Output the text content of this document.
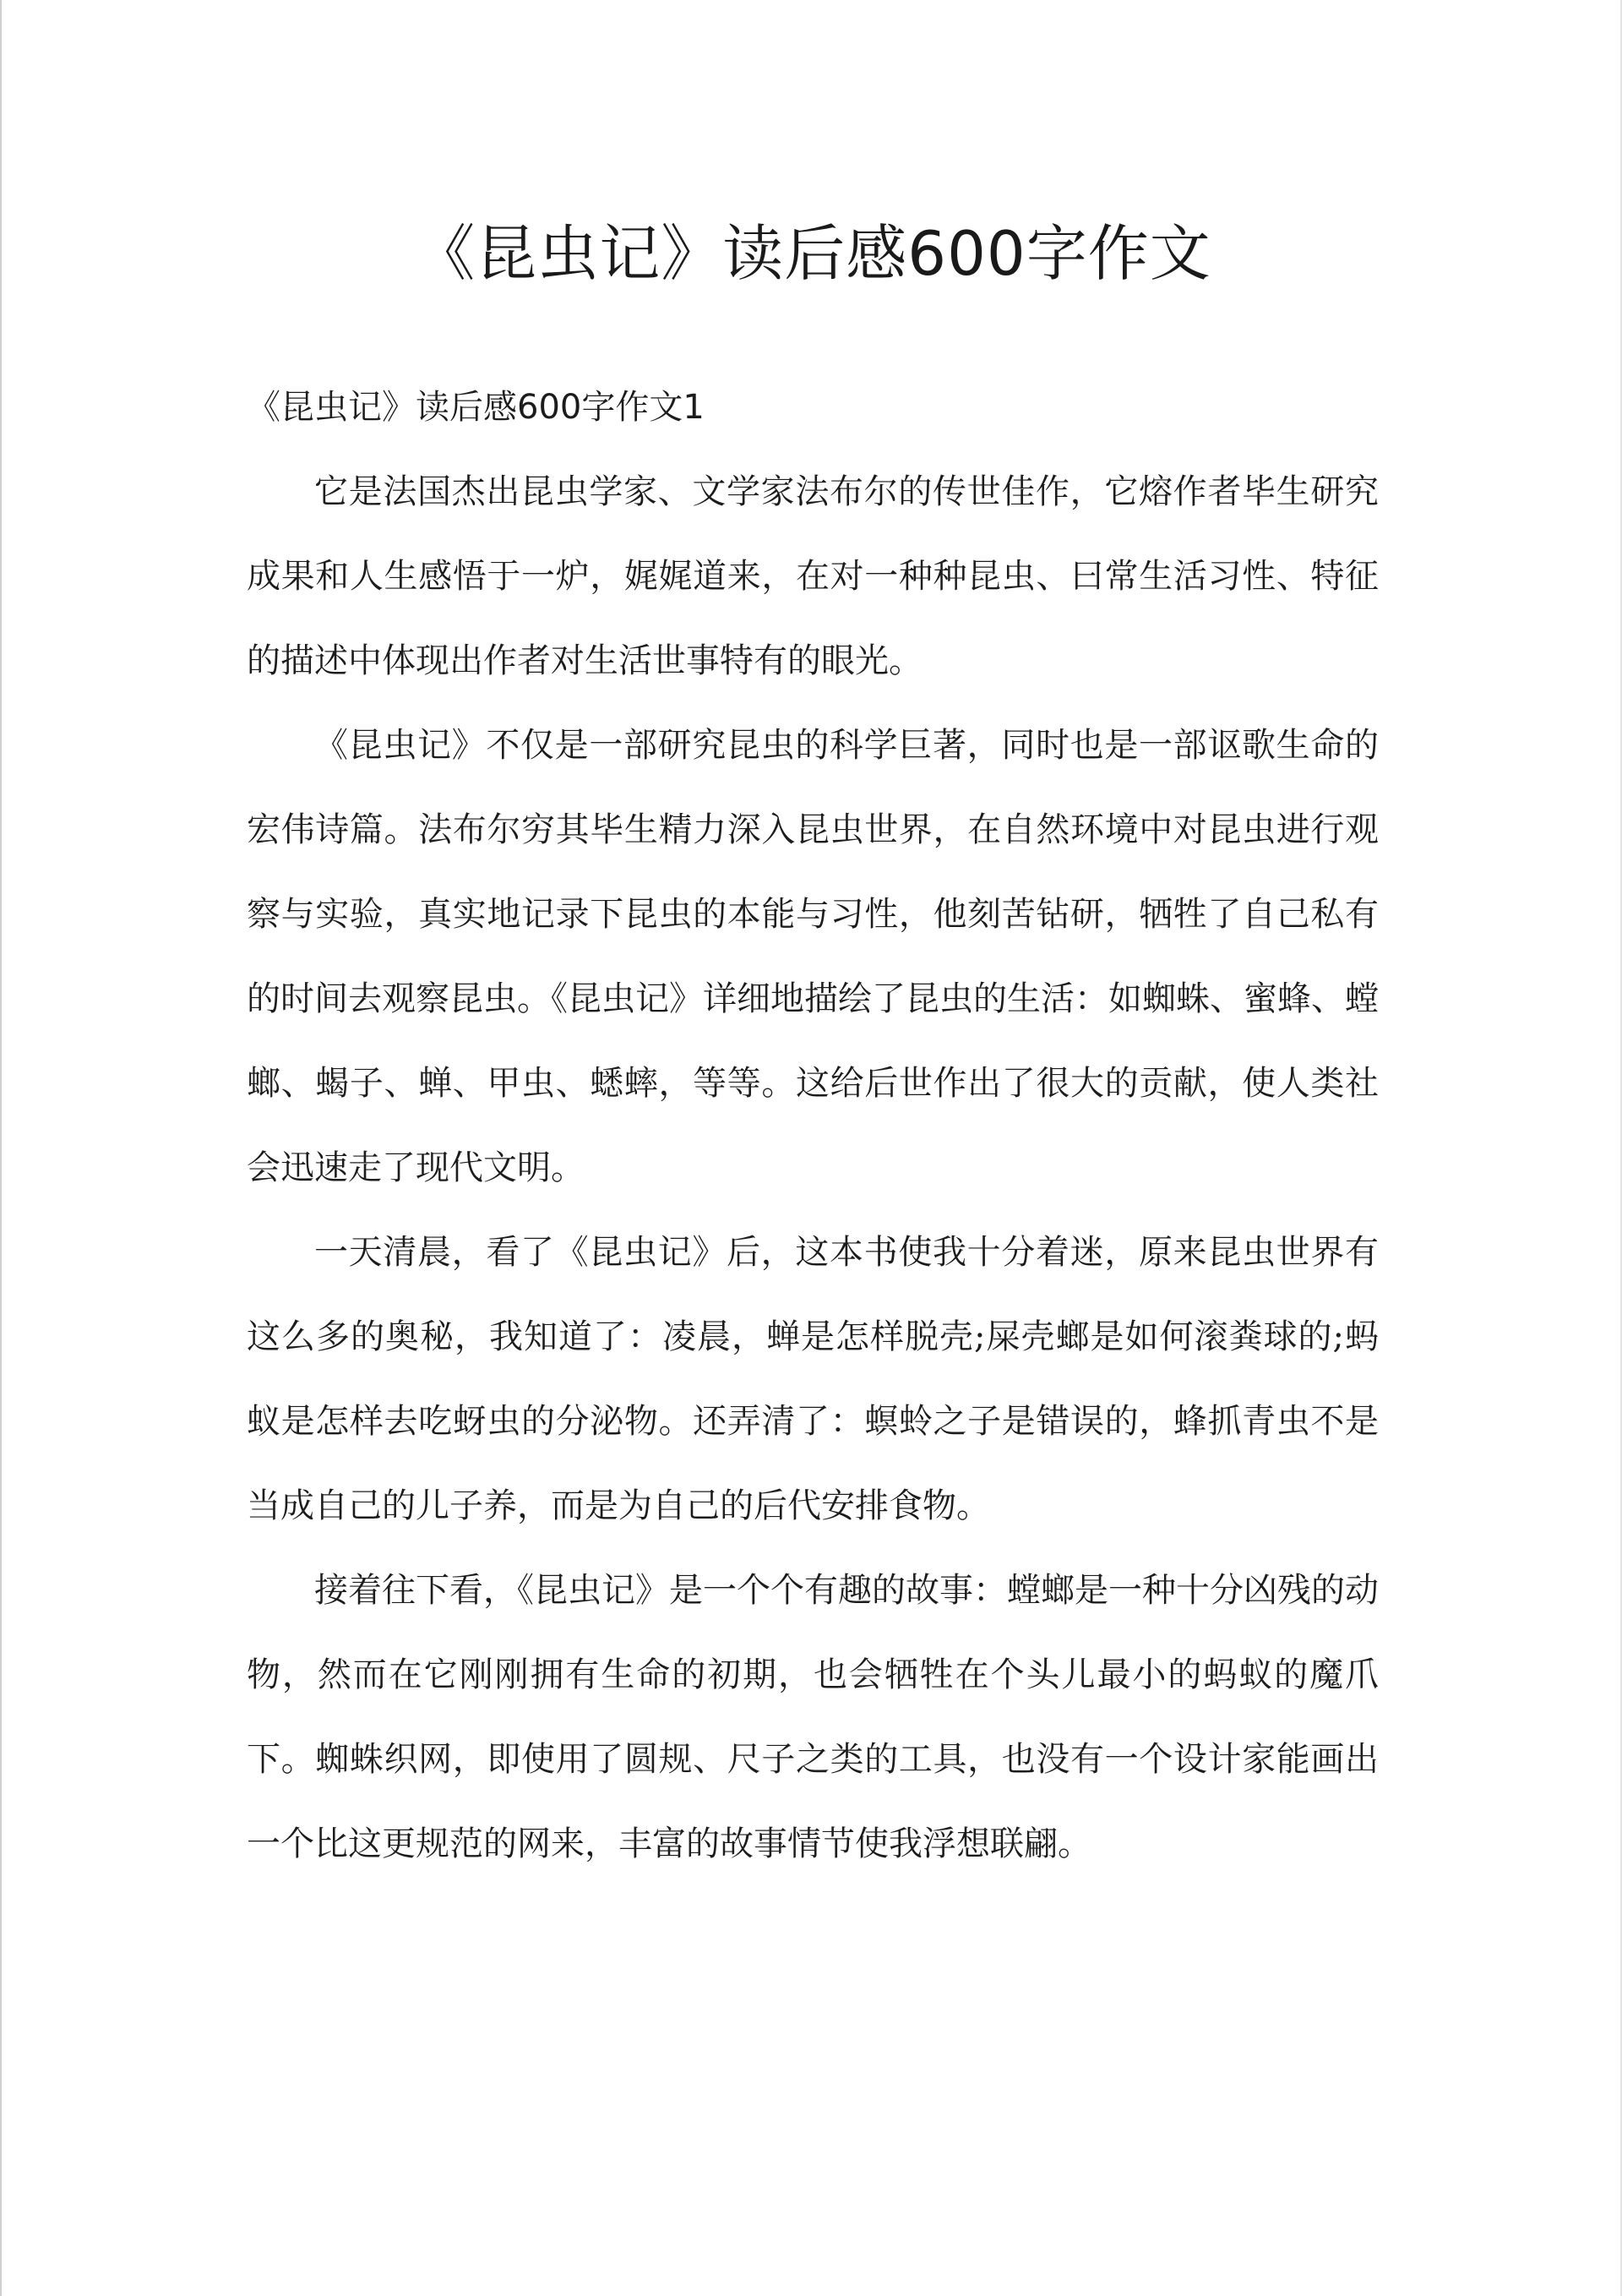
《昆虫记》读后感600字作文

《昆虫记》读后感600字作文1

它是法国杰出昆虫学家、文学家法布尔的传世佳作，它熔作者毕生研究成果和人生感悟于一炉，娓娓道来，在对一种种昆虫、曰常生活习性、特征的描述中体现出作者对生活世事特有的眼光。

《昆虫记》不仅是一部研究昆虫的科学巨著，同时也是一部讴歌生命的宏伟诗篇。法布尔穷其毕生精力深入昆虫世界，在自然环境中对昆虫进行观察与实验，真实地记录下昆虫的本能与习性，他刻苦钻研，牺牲了自己私有的时间去观察昆虫。《昆虫记》详细地描绘了昆虫的生活：如蜘蛛、蜜蜂、螳螂、蝎子、蝉、甲虫、蟋蟀，等等。这给后世作出了很大的贡献，使人类社会迅速走了现代文明。

一天清晨，看了《昆虫记》后，这本书使我十分着迷，原来昆虫世界有这么多的奥秘，我知道了：凌晨，蝉是怎样脱壳;屎壳螂是如何滚粪球的;蚂蚁是怎样去吃蚜虫的分泌物。还弄清了：螟蛉之子是错误的，蜂抓青虫不是当成自己的儿子养，而是为自己的后代安排食物。

接着往下看，《昆虫记》是一个个有趣的故事：螳螂是一种十分凶残的动物，然而在它刚刚拥有生命的初期，也会牺牲在个头儿最小的蚂蚁的魔爪下。蜘蛛织网，即使用了圆规、尺子之类的工具，也没有一个设计家能画出一个比这更规范的网来，丰富的故事情节使我浮想联翩。
